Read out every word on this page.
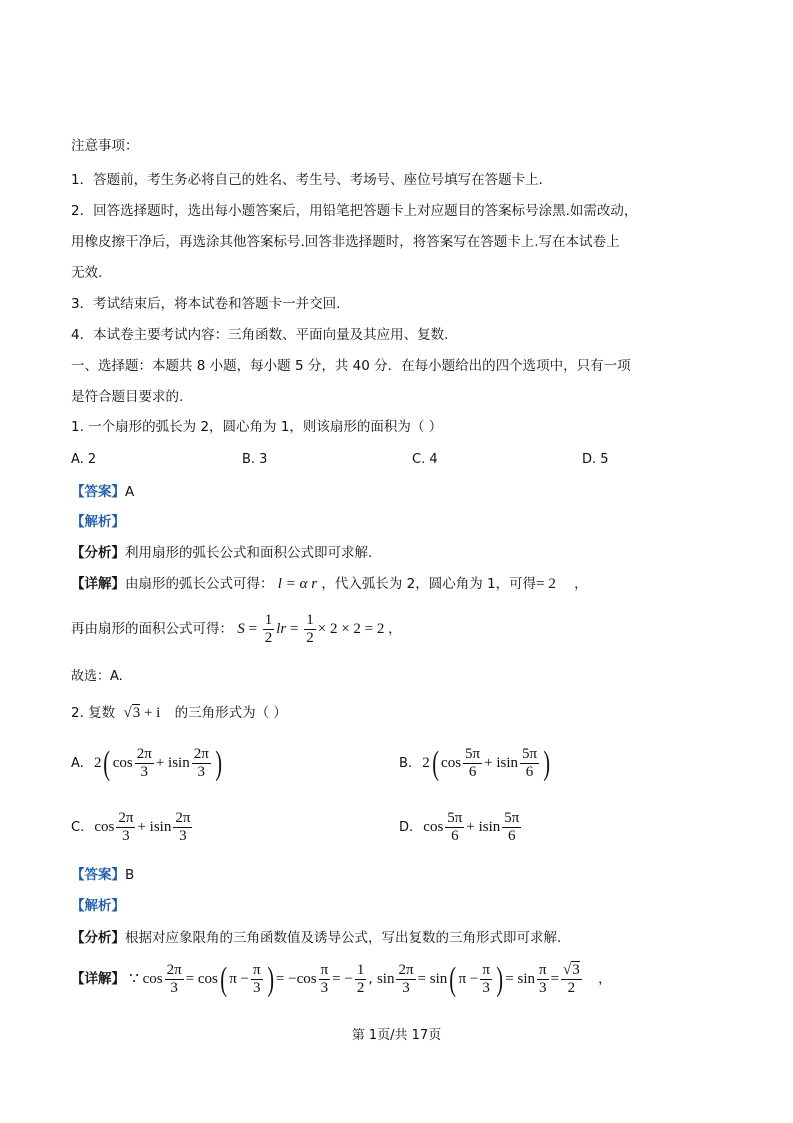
注意事项：
1．答题前，考生务必将自己的姓名、考生号、考场号、座位号填写在答题卡上．
2．回答选择题时，选出每小题答案后，用铅笔把答题卡上对应题目的答案标号涂黑.如需改动，
用橡皮擦干净后，再选涂其他答案标号.回答非选择题时，将答案写在答题卡上.写在本试卷上
无效.
3．考试结束后，将本试卷和答题卡一并交回.
4．本试卷主要考试内容：三角函数、平面向量及其应用、复数.
一、选择题：本题共 8 小题，每小题 5 分，共 40 分．在每小题给出的四个选项中，只有一项
是符合题目要求的.
1. 一个扇形的弧长为 2，圆心角为 1，则该扇形的面积为（ ）
A. 2	B. 3	C. 4	D. 5
【答案】A
【解析】
【分析】利用扇形的弧长公式和面积公式即可求解.
【详解】由扇形的弧长公式可得： l = α r ，代入弧长为 2，圆心角为 1，可得= 2 ，
再由扇形的面积公式可得： $S = \frac{1}{2}$ lr = $\frac{1}{2} \times 2 \times 2 = 2$ ，
故选：A.
2. 复数 √3 + i 的三角形式为（ ）
A. 2( $\cos \frac{2\pi}{3} + isin \frac{2\pi}{3}$ )	B. 2( $\cos \frac{5\pi}{6} + isin \frac{5\pi}{6}$ )
C. $\cos \frac{2\pi}{3} + isin \frac{2\pi}{3}$	D. $\cos \frac{5\pi}{6} + isin \frac{5\pi}{6}$
【答案】B
【解析】
【分析】根据对应象限角的三角函数值及诱导公式，写出复数的三角形式即可求解.
【详解】 ∵ $\cos \frac{2\pi}{3} = \cos$( $\pi - \frac{\pi}{3}$ ) = $-\cos \frac{\pi}{3}$ = − $\frac{1}{2}$ , $\sin \frac{2\pi}{3} = \sin$( $\pi - \frac{\pi}{3}$ ) = $\sin \frac{\pi}{3} = \frac{√3}{2}$ ，
第 1页/共 17页
